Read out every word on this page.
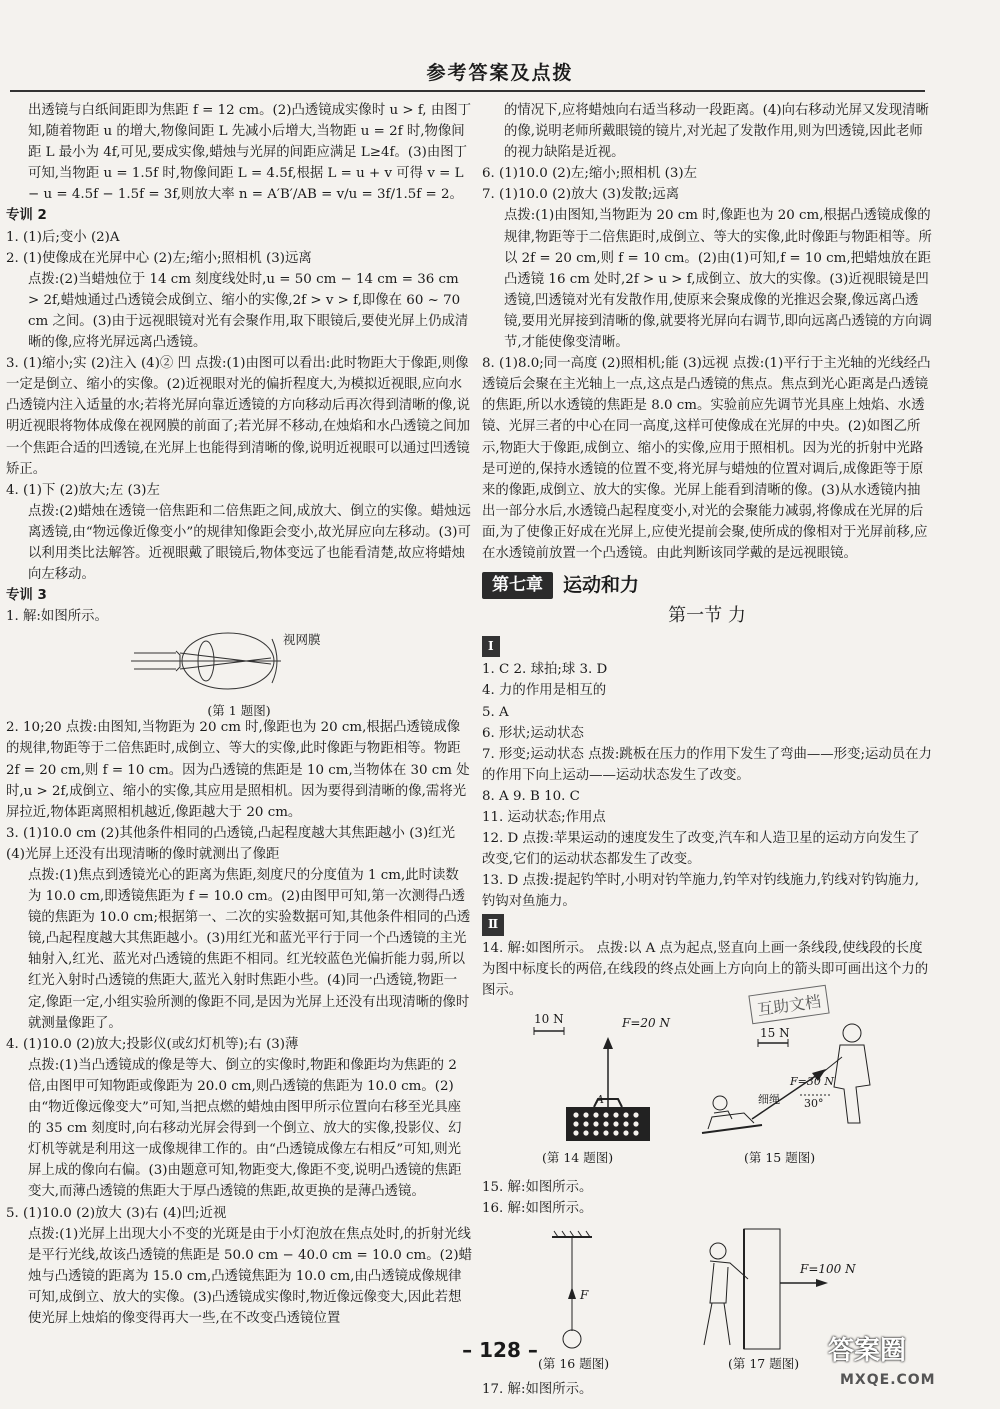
参考答案及点拨

出透镜与白纸间距即为焦距 f = 12 cm。(2)凸透镜成实像时 u > f, 由图丁知,随着物距 u 的增大,物像间距 L 先减小后增大,当物距 u = 2f 时,物像间距 L 最小为 4f,可见,要成实像,蜡烛与光屏的间距应满足 L≥4f。(3)由图丁可知,当物距 u = 1.5f 时,物像间距 L = 4.5f,根据 L = u + v 可得 v = L − u = 4.5f − 1.5f = 3f,则放大率 n = A′B′/AB = v/u = 3f/1.5f = 2。

专训 2

1. (1)后;变小 (2)A

2. (1)使像成在光屏中心 (2)左;缩小;照相机 (3)远离

点拨:(2)当蜡烛位于 14 cm 刻度线处时,u = 50 cm − 14 cm = 36 cm > 2f,蜡烛通过凸透镜会成倒立、缩小的实像,2f > v > f,即像在 60 ~ 70 cm 之间。(3)由于远视眼镜对光有会聚作用,取下眼镜后,要使光屏上仍成清晰的像,应将光屏远离凸透镜。

3. (1)缩小;实 (2)注入 (4)② 凹 点拨:(1)由图可以看出:此时物距大于像距,则像一定是倒立、缩小的实像。(2)近视眼对光的偏折程度大,为模拟近视眼,应向水凸透镜内注入适量的水;若将光屏向靠近透镜的方向移动后再次得到清晰的像,说明近视眼将物体成像在视网膜的前面了;若光屏不移动,在烛焰和水凸透镜之间加一个焦距合适的凹透镜,在光屏上也能得到清晰的像,说明近视眼可以通过凹透镜矫正。

4. (1)下 (2)放大;左 (3)左

点拨:(2)蜡烛在透镜一倍焦距和二倍焦距之间,成放大、倒立的实像。蜡烛远离透镜,由“物远像近像变小”的规律知像距会变小,故光屏应向左移动。(3)可以利用类比法解答。近视眼戴了眼镜后,物体变远了也能看清楚,故应将蜡烛向左移动。

专训 3

1. 解:如图所示。

视网膜
(第 1 题图)

2. 10;20 点拨:由图知,当物距为 20 cm 时,像距也为 20 cm,根据凸透镜成像的规律,物距等于二倍焦距时,成倒立、等大的实像,此时像距与物距相等。物距 2f = 20 cm,则 f = 10 cm。因为凸透镜的焦距是 10 cm,当物体在 30 cm 处时,u > 2f,成倒立、缩小的实像,其应用是照相机。因为要得到清晰的像,需将光屏拉近,物体距离照相机越近,像距越大于 20 cm。

3. (1)10.0 cm (2)其他条件相同的凸透镜,凸起程度越大其焦距越小 (3)红光 (4)光屏上还没有出现清晰的像时就测出了像距

点拨:(1)焦点到透镜光心的距离为焦距,刻度尺的分度值为 1 cm,此时读数为 10.0 cm,即透镜焦距为 f = 10.0 cm。(2)由图甲可知,第一次测得凸透镜的焦距为 10.0 cm;根据第一、二次的实验数据可知,其他条件相同的凸透镜,凸起程度越大其焦距越小。(3)用红光和蓝光平行于同一个凸透镜的主光轴射入,红光、蓝光对凸透镜的焦距不相同。红光较蓝色光偏折能力弱,所以红光入射时凸透镜的焦距大,蓝光入射时焦距小些。(4)同一凸透镜,物距一定,像距一定,小组实验所测的像距不同,是因为光屏上还没有出现清晰的像时就测量像距了。

4. (1)10.0 (2)放大;投影仪(或幻灯机等);右 (3)薄

点拨:(1)当凸透镜成的像是等大、倒立的实像时,物距和像距均为焦距的 2 倍,由图甲可知物距或像距为 20.0 cm,则凸透镜的焦距为 10.0 cm。(2)由“物近像远像变大”可知,当把点燃的蜡烛由图甲所示位置向右移至光具座的 35 cm 刻度时,向右移动光屏会得到一个倒立、放大的实像,投影仪、幻灯机等就是利用这一成像规律工作的。由“凸透镜成像左右相反”可知,则光屏上成的像向右偏。(3)由题意可知,物距变大,像距不变,说明凸透镜的焦距变大,而薄凸透镜的焦距大于厚凸透镜的焦距,故更换的是薄凸透镜。

5. (1)10.0 (2)放大 (3)右 (4)凹;近视

点拨:(1)光屏上出现大小不变的光斑是由于小灯泡放在焦点处时,的折射光线是平行光线,故该凸透镜的焦距是 50.0 cm − 40.0 cm = 10.0 cm。(2)蜡烛与凸透镜的距离为 15.0 cm,凸透镜焦距为 10.0 cm,由凸透镜成像规律可知,成倒立、放大的实像。(3)凸透镜成实像时,物近像远像变大,因此若想使光屏上烛焰的像变得再大一些,在不改变凸透镜位置

的情况下,应将蜡烛向右适当移动一段距离。(4)向右移动光屏又发现清晰的像,说明老师所戴眼镜的镜片,对光起了发散作用,则为凹透镜,因此老师的视力缺陷是近视。

6. (1)10.0 (2)左;缩小;照相机 (3)左

7. (1)10.0 (2)放大 (3)发散;远离

点拨:(1)由图知,当物距为 20 cm 时,像距也为 20 cm,根据凸透镜成像的规律,物距等于二倍焦距时,成倒立、等大的实像,此时像距与物距相等。所以 2f = 20 cm,则 f = 10 cm。(2)由(1)可知,f = 10 cm,把蜡烛放在距凸透镜 16 cm 处时,2f > u > f,成倒立、放大的实像。(3)近视眼镜是凹透镜,凹透镜对光有发散作用,使原来会聚成像的光推迟会聚,像远离凸透镜,要用光屏接到清晰的像,就要将光屏向右调节,即向远离凸透镜的方向调节,才能使像变清晰。

8. (1)8.0;同一高度 (2)照相机;能 (3)远视 点拨:(1)平行于主光轴的光线经凸透镜后会聚在主光轴上一点,这点是凸透镜的焦点。焦点到光心距离是凸透镜的焦距,所以水透镜的焦距是 8.0 cm。实验前应先调节光具座上烛焰、水透镜、光屏三者的中心在同一高度,这样可使像成在光屏的中央。(2)如图乙所示,物距大于像距,成倒立、缩小的实像,应用于照相机。因为光的折射中光路是可逆的,保持水透镜的位置不变,将光屏与蜡烛的位置对调后,成像距等于原来的像距,成倒立、放大的实像。光屏上能看到清晰的像。(3)从水透镜内抽出一部分水后,水透镜凸起程度变小,对光的会聚能力减弱,将像成在光屏的后面,为了使像正好成在光屏上,应使光提前会聚,使所成的像相对于光屏前移,应在水透镜前放置一个凸透镜。由此判断该同学戴的是远视眼镜。

第七章	运动和力
第一节 力
Ⅰ

1. C 2. 球拍;球 3. D

4. 力的作用是相互的

5. A

6. 形状;运动状态

7. 形变;运动状态 点拨:跳板在压力的作用下发生了弯曲——形变;运动员在力的作用下向上运动——运动状态发生了改变。

8. A 9. B 10. C

11. 运动状态;作用点

12. D 点拨:苹果运动的速度发生了改变,汽车和人造卫星的运动方向发生了改变,它们的运动状态都发生了改变。

13. D 点拨:提起钓竿时,小明对钓竿施力,钓竿对钓线施力,钓线对钓钩施力,钓钩对鱼施力。

Ⅱ

14. 解:如图所示。 点拨:以 A 点为起点,竖直向上画一条线段,使线段的长度为图中标度长的两倍,在线段的终点处画上方向向上的箭头即可画出这个力的图示。

F=20 N
10 N
A
15 N
细绳
F=30 N
30°
(第 14 题图)	(第 15 题图)

15. 解:如图所示。

16. 解:如图所示。

F
F=100 N
(第 16 题图)	(第 17 题图)

17. 解:如图所示。

互助文档
– 128 –	答案圈
MXQE.COM
